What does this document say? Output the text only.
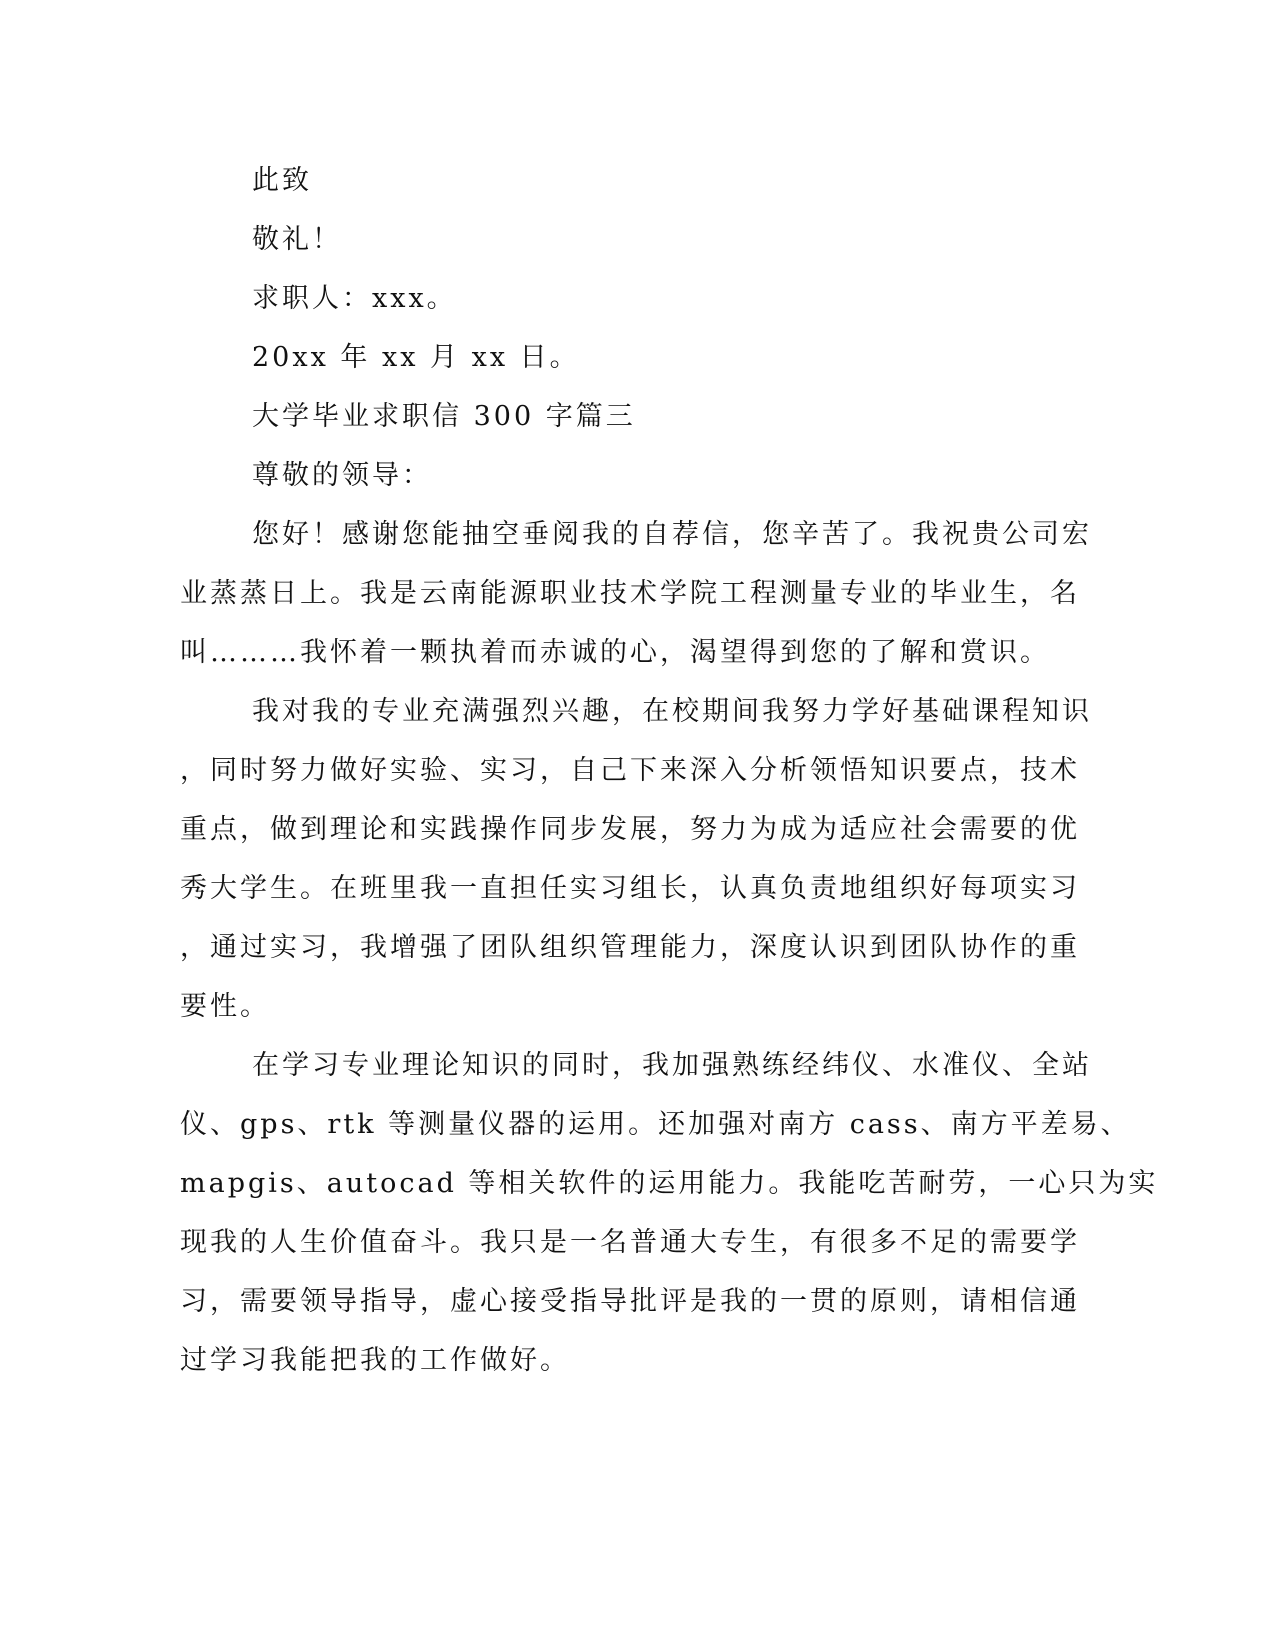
此致

敬礼！

求职人：xxx。

20xx 年 xx 月 xx 日。

大学毕业求职信 300 字篇三

尊敬的领导：

您好！感谢您能抽空垂阅我的自荐信，您辛苦了。我祝贵公司宏

业蒸蒸日上。我是云南能源职业技术学院工程测量专业的毕业生，名

叫………我怀着一颗执着而赤诚的心，渴望得到您的了解和赏识。

我对我的专业充满强烈兴趣，在校期间我努力学好基础课程知识

，同时努力做好实验、实习，自己下来深入分析领悟知识要点，技术

重点，做到理论和实践操作同步发展，努力为成为适应社会需要的优

秀大学生。在班里我一直担任实习组长，认真负责地组织好每项实习

，通过实习，我增强了团队组织管理能力，深度认识到团队协作的重

要性。

在学习专业理论知识的同时，我加强熟练经纬仪、水准仪、全站

仪、gps、rtk 等测量仪器的运用。还加强对南方 cass、南方平差易、

mapgis、autocad 等相关软件的运用能力。我能吃苦耐劳，一心只为实

现我的人生价值奋斗。我只是一名普通大专生，有很多不足的需要学

习，需要领导指导，虚心接受指导批评是我的一贯的原则，请相信通

过学习我能把我的工作做好。
